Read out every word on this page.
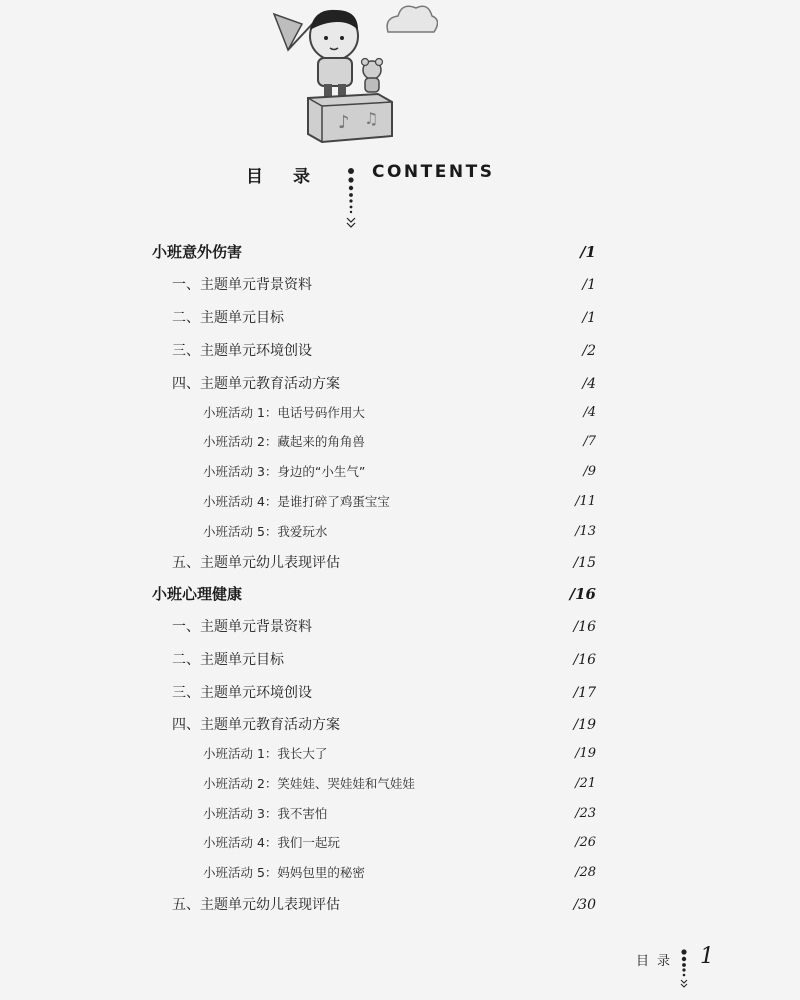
♪ ♫
目录 CONTENTS
小班意外伤害	/1
一、主题单元背景资料	/1
二、主题单元目标	/1
三、主题单元环境创设	/2
四、主题单元教育活动方案	/4
小班活动 1：电话号码作用大	/4
小班活动 2：藏起来的角角兽	/7
小班活动 3：身边的“小生气”	/9
小班活动 4：是谁打碎了鸡蛋宝宝	/11
小班活动 5：我爱玩水	/13
五、主题单元幼儿表现评估	/15
小班心理健康	/16
一、主题单元背景资料	/16
二、主题单元目标	/16
三、主题单元环境创设	/17
四、主题单元教育活动方案	/19
小班活动 1：我长大了	/19
小班活动 2：笑娃娃、哭娃娃和气娃娃	/21
小班活动 3：我不害怕	/23
小班活动 4：我们一起玩	/26
小班活动 5：妈妈包里的秘密	/28
五、主题单元幼儿表现评估	/30
目录 1
